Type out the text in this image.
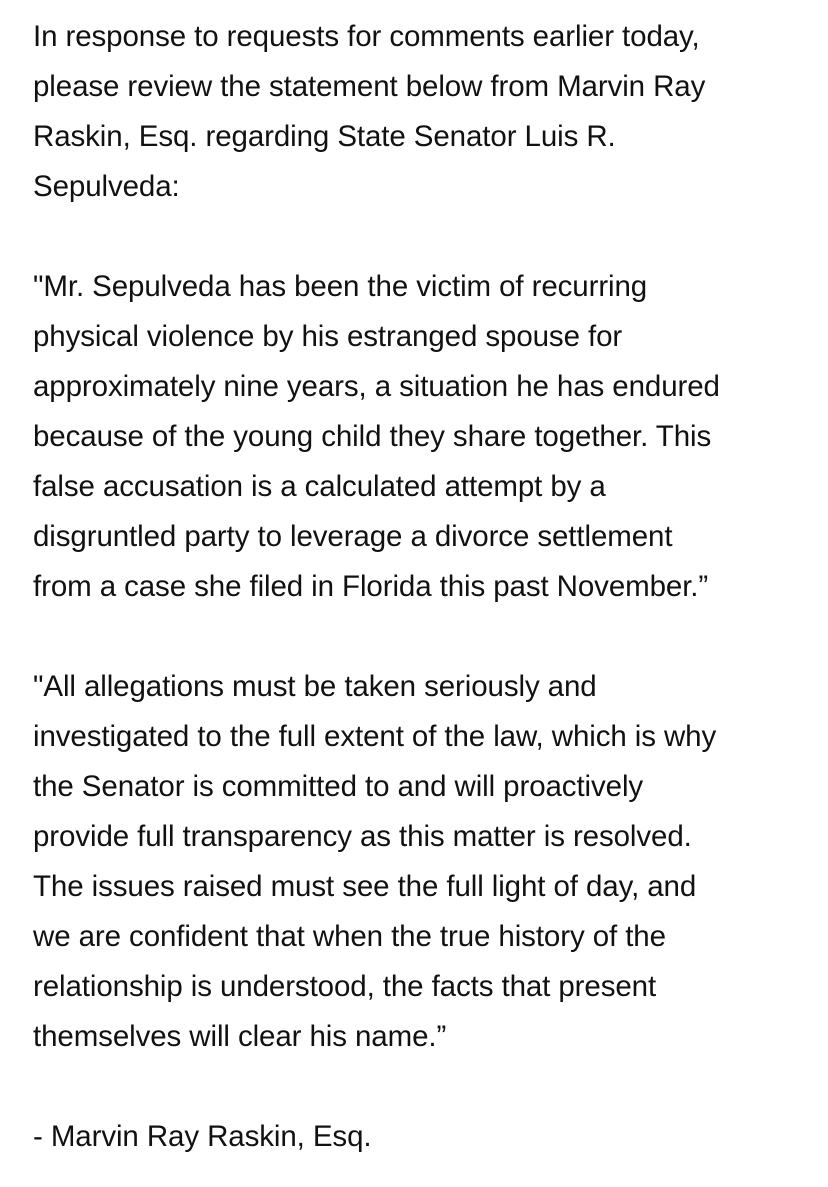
In response to requests for comments earlier today,
please review the statement below from Marvin Ray
Raskin, Esq. regarding State Senator Luis R.
Sepulveda:
"Mr. Sepulveda has been the victim of recurring
physical violence by his estranged spouse for
approximately nine years, a situation he has endured
because of the young child they share together. This
false accusation is a calculated attempt by a
disgruntled party to leverage a divorce settlement
from a case she filed in Florida this past November.”
"All allegations must be taken seriously and
investigated to the full extent of the law, which is why
the Senator is committed to and will proactively
provide full transparency as this matter is resolved.
The issues raised must see the full light of day, and
we are confident that when the true history of the
relationship is understood, the facts that present
themselves will clear his name.”
- Marvin Ray Raskin, Esq.
